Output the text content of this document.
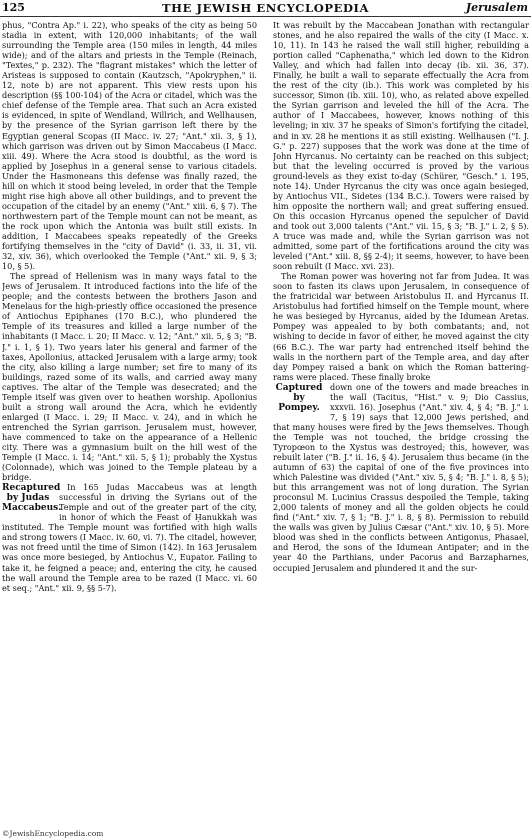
125	THE JEWISH ENCYCLOPEDIA	Jerusalem

phus, "Contra Ap." i. 22), who speaks of the city as being 50 stadia in extent, with 120,000 inhabitants; of the wall surrounding the Temple area (150 miles in length, 44 miles wide); and of the altars and priests in the Temple (Reinach, "Textes," p. 232). The "flagrant mistakes" which the letter of Aristeas is supposed to contain (Kautzsch, "Apokryphen," ii. 12, note b) are not apparent. This view rests upon his description (§§ 100-104) of the Acra or citadel, which was the chief defense of the Temple area. That such an Acra existed is evidenced, in spite of Wendland, Willrich, and Wellhausen, by the presence of the Syrian garrison left there by the Egyptian general Scopas (II Macc. iv. 27; "Ant." xii. 3, § 1), which garrison was driven out by Simon Maccabeus (I Macc. xiii. 49). Where the Acra stood is doubtful, as the word is applied by Josephus in a general sense to various citadels. Under the Hasmoneans this defense was finally razed, the hill on which it stood being leveled, in order that the Temple might rise high above all other buildings, and to prevent the occupation of the citadel by an enemy ("Ant." xiii. 6, § 7). The northwestern part of the Temple mount can not be meant, as the rock upon which the Antonia was built still exists. In addition, I Maccabees speaks repeatedly of the Greeks fortifying themselves in the "city of David" (i. 33, ii. 31, vii. 32, xiv. 36), which overlooked the Temple ("Ant." xii. 9, § 3; 10, § 5).

The spread of Hellenism was in many ways fatal to the Jews of Jerusalem. It introduced factions into the life of the people; and the contests between the brothers Jason and Menelaus for the high-priestly office occasioned the presence of Antiochus Epiphanes (170 B.C.), who plundered the Temple of its treasures and killed a large number of the inhabitants (I Macc. i. 20; II Macc. v. 12; "Ant." xii. 5, § 3; "B. J." i. 1, § 1). Two years later his general and farmer of the taxes, Apollonius, attacked Jerusalem with a large army; took the city, also killing a large number; set fire to many of its buildings, razed some of its walls, and carried away many captives. The altar of the Temple was desecrated; and the Temple itself was given over to heathen worship. Apollonius built a strong wall around the Acra, which he evidently enlarged (I Macc. i. 29; II Macc. v. 24), and in which he entrenched the Syrian garrison. Jerusalem must, however, have commenced to take on the appearance of a Hellenic city. There was a gymnasium built on the hill west of the Temple (I Macc. i. 14; "Ant." xii. 5, § 1); probably the Xystus (Colonnade), which was joined to the Temple plateau by a bridge.

Recaptured by Judas Maccabeus.
In 165 Judas Maccabeus was at length successful in driving the Syrians out of the Temple and out of the greater part of the city, in honor of which the Feast of Ḥanukkah was instituted. The Temple mount was fortified with high walls and strong towers (I Macc. iv. 60, vi. 7). The citadel, however, was not freed until the time of Simon (142). In 163 Jerusalem was once more besieged, by Antiochus V., Eupator. Failing to take it, he feigned a peace; and, entering the city, he caused the wall around the Temple area to be razed (I Macc. vi. 60 et seq.; "Ant." xii. 9, §§ 5-7).

It was rebuilt by the Maccabean Jonathan with rectangular stones, and he also repaired the walls of the city (I Macc. x. 10, 11). In 143 he raised the wall still higher, rebuilding a portion called "Caphenatha," which led down to the Kidron Valley, and which had fallen into decay (ib. xii. 36, 37). Finally, he built a wall to separate effectually the Acra from the rest of the city (ib.). This work was completed by his successor, Simon (ib. xiii. 10), who, as related above expelled the Syrian garrison and leveled the hill of the Acra. The author of I Maccabees, however, knows nothing of this leveling; in xiv. 37 he speaks of Simon's fortifying the citadel, and in xv. 28 he mentions it as still existing. Wellhausen ("I. J. G." p. 227) supposes that the work was done at the time of John Hyrcanus. No certainty can be reached on this subject; but that the leveling occurred is proved by the various ground-levels as they exist to-day (Schürer, "Gesch." i. 195, note 14). Under Hyrcanus the city was once again besieged, by Antiochus VII., Sidetes (134 B.C.). Towers were raised by him opposite the northern wall; and great suffering ensued. On this occasion Hyrcanus opened the sepulcher of David and took out 3,000 talents ("Ant." vii. 15, § 3; "B. J." i. 2, § 5). A truce was made and, while the Syrian garrison was not admitted, some part of the fortifications around the city was leveled ("Ant." xiii. 8, §§ 2-4); it seems, however, to have been soon rebuilt (I Macc. xvi. 23).

The Roman power was hovering not far from Judea. It was soon to fasten its claws upon Jerusalem, in consequence of the fratricidal war between Aristobulus II. and Hyrcanus II. Aristobulus had fortified himself on the Temple mount, where he was besieged by Hyrcanus, aided by the Idumean Aretas. Pompey was appealed to by both combatants; and, not wishing to decide in favor of either, he moved against the city (66 B.C.). The war party had entrenched itself behind the walls in the northern part of the Temple area, and day after day Pompey raised a bank on which the Roman battering-rams were placed. These finally broke

Captured by Pompey.
down one of the towers and made breaches in the wall (Tacitus, "Hist." v. 9; Dio Cassius, xxxvii. 16). Josephus ("Ant." xiv. 4, § 4; "B. J." i. 7, § 19) says that 12,000 Jews perished, and that many houses were fired by the Jews themselves. Though the Temple was not touched, the bridge crossing the Tyropœon to the Xystus was destroyed; this, however, was rebuilt later ("B. J." ii. 16, § 4). Jerusalem thus became (in the autumn of 63) the capital of one of the five provinces into which Palestine was divided ("Ant." xiv. 5, § 4; "B. J." i. 8, § 5); but this arrangement was not of long duration. The Syrian proconsul M. Lucinius Crassus despoiled the Temple, taking 2,000 talents of money and all the golden objects he could find ("Ant." xiv. 7, § 1; "B. J." i. 8, § 8). Permission to rebuild the walls was given by Julius Cæsar ("Ant." xiv. 10, § 5). More blood was shed in the conflicts between Antigonus, Phasael, and Herod, the sons of the Idumean Antipater; and in the year 40 the Parthians, under Pacorus and Barzapharnes, occupied Jerusalem and plundered it and the sur-

©JewishEncyclopedia.com
